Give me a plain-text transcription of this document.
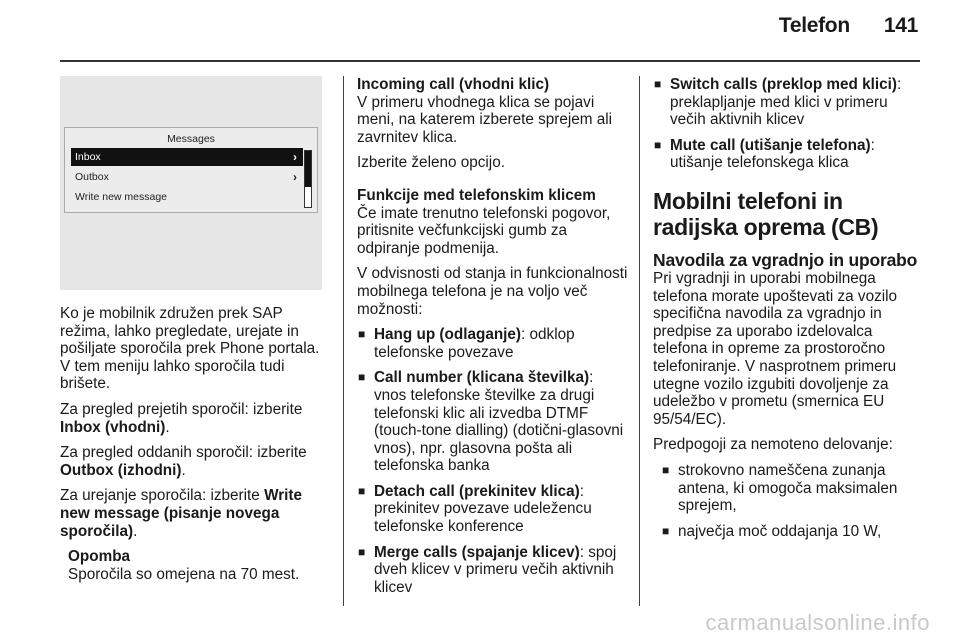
Telefon 141
Messages
Inbox	›
Outbox	›
Write new message

Ko je mobilnik združen prek SAP režima, lahko pregledate, urejate in pošiljate sporočila prek Phone portala. V tem meniju lahko sporočila tudi brišete.

Za pregled prejetih sporočil: izberite Inbox (vhodni).

Za pregled oddanih sporočil: izberite Outbox (izhodni).

Za urejanje sporočila: izberite Write new message (pisanje novega sporočila).

Opomba
Sporočila so omejena na 70 mest.
Incoming call (vhodni klic)

V primeru vhodnega klica se pojavi meni, na katerem izberete sprejem ali zavrnitev klica.

Izberite želeno opcijo.

Funkcije med telefonskim klicem

Če imate trenutno telefonski pogovor, pritisnite večfunkcijski gumb za odpiranje podmenija.

V odvisnosti od stanja in funkcionalnosti mobilnega telefona je na voljo več možnosti:

■ Hang up (odlaganje): odklop telefonske povezave
■ Call number (klicana številka): vnos telefonske številke za drugi telefonski klic ali izvedba DTMF (touch-tone dialling) (dotični-glasovni vnos), npr. glasovna pošta ali telefonska banka
■ Detach call (prekinitev klica): prekinitev povezave udeležencu telefonske konference
■ Merge calls (spajanje klicev): spoj dveh klicev v primeru večih aktivnih klicev
■ Switch calls (preklop med klici): preklapljanje med klici v primeru večih aktivnih klicev
■ Mute call (utišanje telefona): utišanje telefonskega klica
Mobilni telefoni in radijska oprema (CB)
Navodila za vgradnjo in uporabo

Pri vgradnji in uporabi mobilnega telefona morate upoštevati za vozilo specifična navodila za vgradnjo in predpise za uporabo izdelovalca telefona in opreme za prostoročno telefoniranje. V nasprotnem primeru utegne vozilo izgubiti dovoljenje za udeležbo v prometu (smernica EU 95/54/EC).

Predpogoji za nemoteno delovanje:

■ strokovno nameščena zunanja antena, ki omogoča maksimalen sprejem,
■ največja moč oddajanja 10 W,
carmanualsonline.info
